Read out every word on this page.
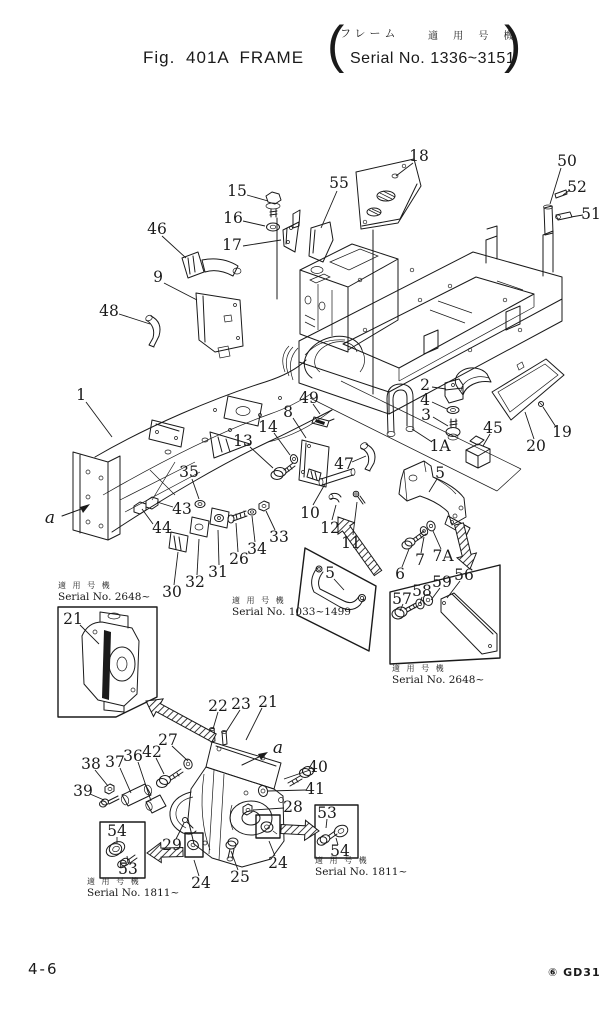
フレーム	適 用 号 機
Fig. 401A FRAME	Serial No. 1336~3151
(	)
4-6	⑥ GD31
15
16
17
46
9
48
18
55
50
52
51
1
a
35
43
44
30
32
31
26
34
33
13
14
8
49
10
12
11
47
2
4
3
1A
45
20
19
5
6
7 7A
57 58 59 56
21
5
22 23 21
a
27
42
36
37
38
39
40
41
28
29
24 25
24
54
53
53
54
適 用 号 機
Serial No. 2648~	適 用 号 機
Serial No. 1033~1499
適 用 号 機
Serial No. 2648~
適 用 号 機
Serial No. 1811~
適 用 号 機
Serial No. 1811~
